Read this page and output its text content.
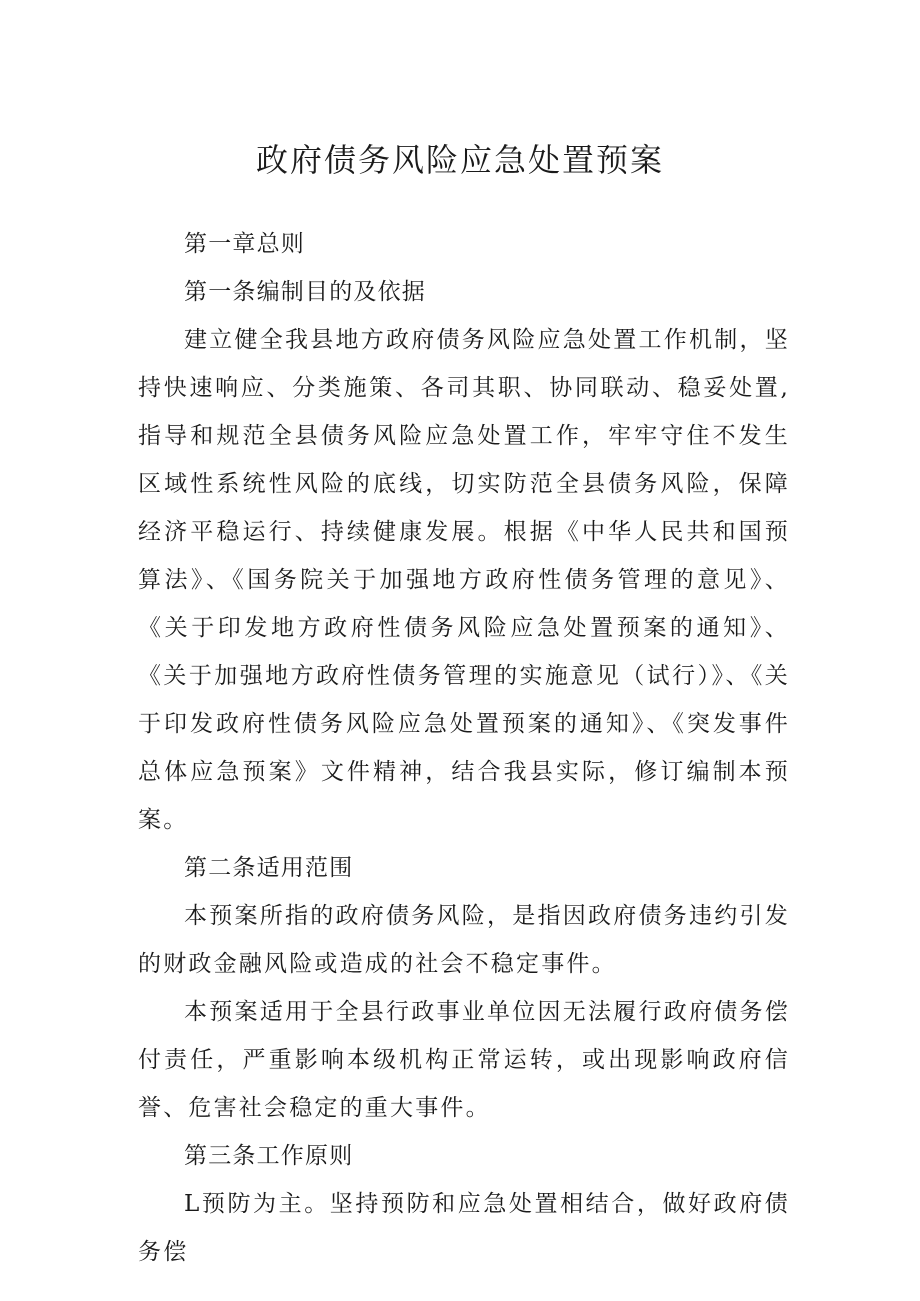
政府债务风险应急处置预案

第一章总则

第一条编制目的及依据

建立健全我县地方政府债务风险应急处置工作机制，坚持快速响应、分类施策、各司其职、协同联动、稳妥处置,指导和规范全县债务风险应急处置工作，牢牢守住不发生区域性系统性风险的底线，切实防范全县债务风险，保障经济平稳运行、持续健康发展。根据《中华人民共和国预算法》、《国务院关于加强地方政府性债务管理的意见》、《关于印发地方政府性债务风险应急处置预案的通知》、《关于加强地方政府性债务管理的实施意见（试行）》、《关于印发政府性债务风险应急处置预案的通知》、《突发事件总体应急预案》文件精神，结合我县实际，修订编制本预案。

第二条适用范围

本预案所指的政府债务风险，是指因政府债务违约引发的财政金融风险或造成的社会不稳定事件。

本预案适用于全县行政事业单位因无法履行政府债务偿付责任，严重影响本级机构正常运转，或出现影响政府信誉、危害社会稳定的重大事件。

第三条工作原则

L预防为主。坚持预防和应急处置相结合，做好政府债务偿
